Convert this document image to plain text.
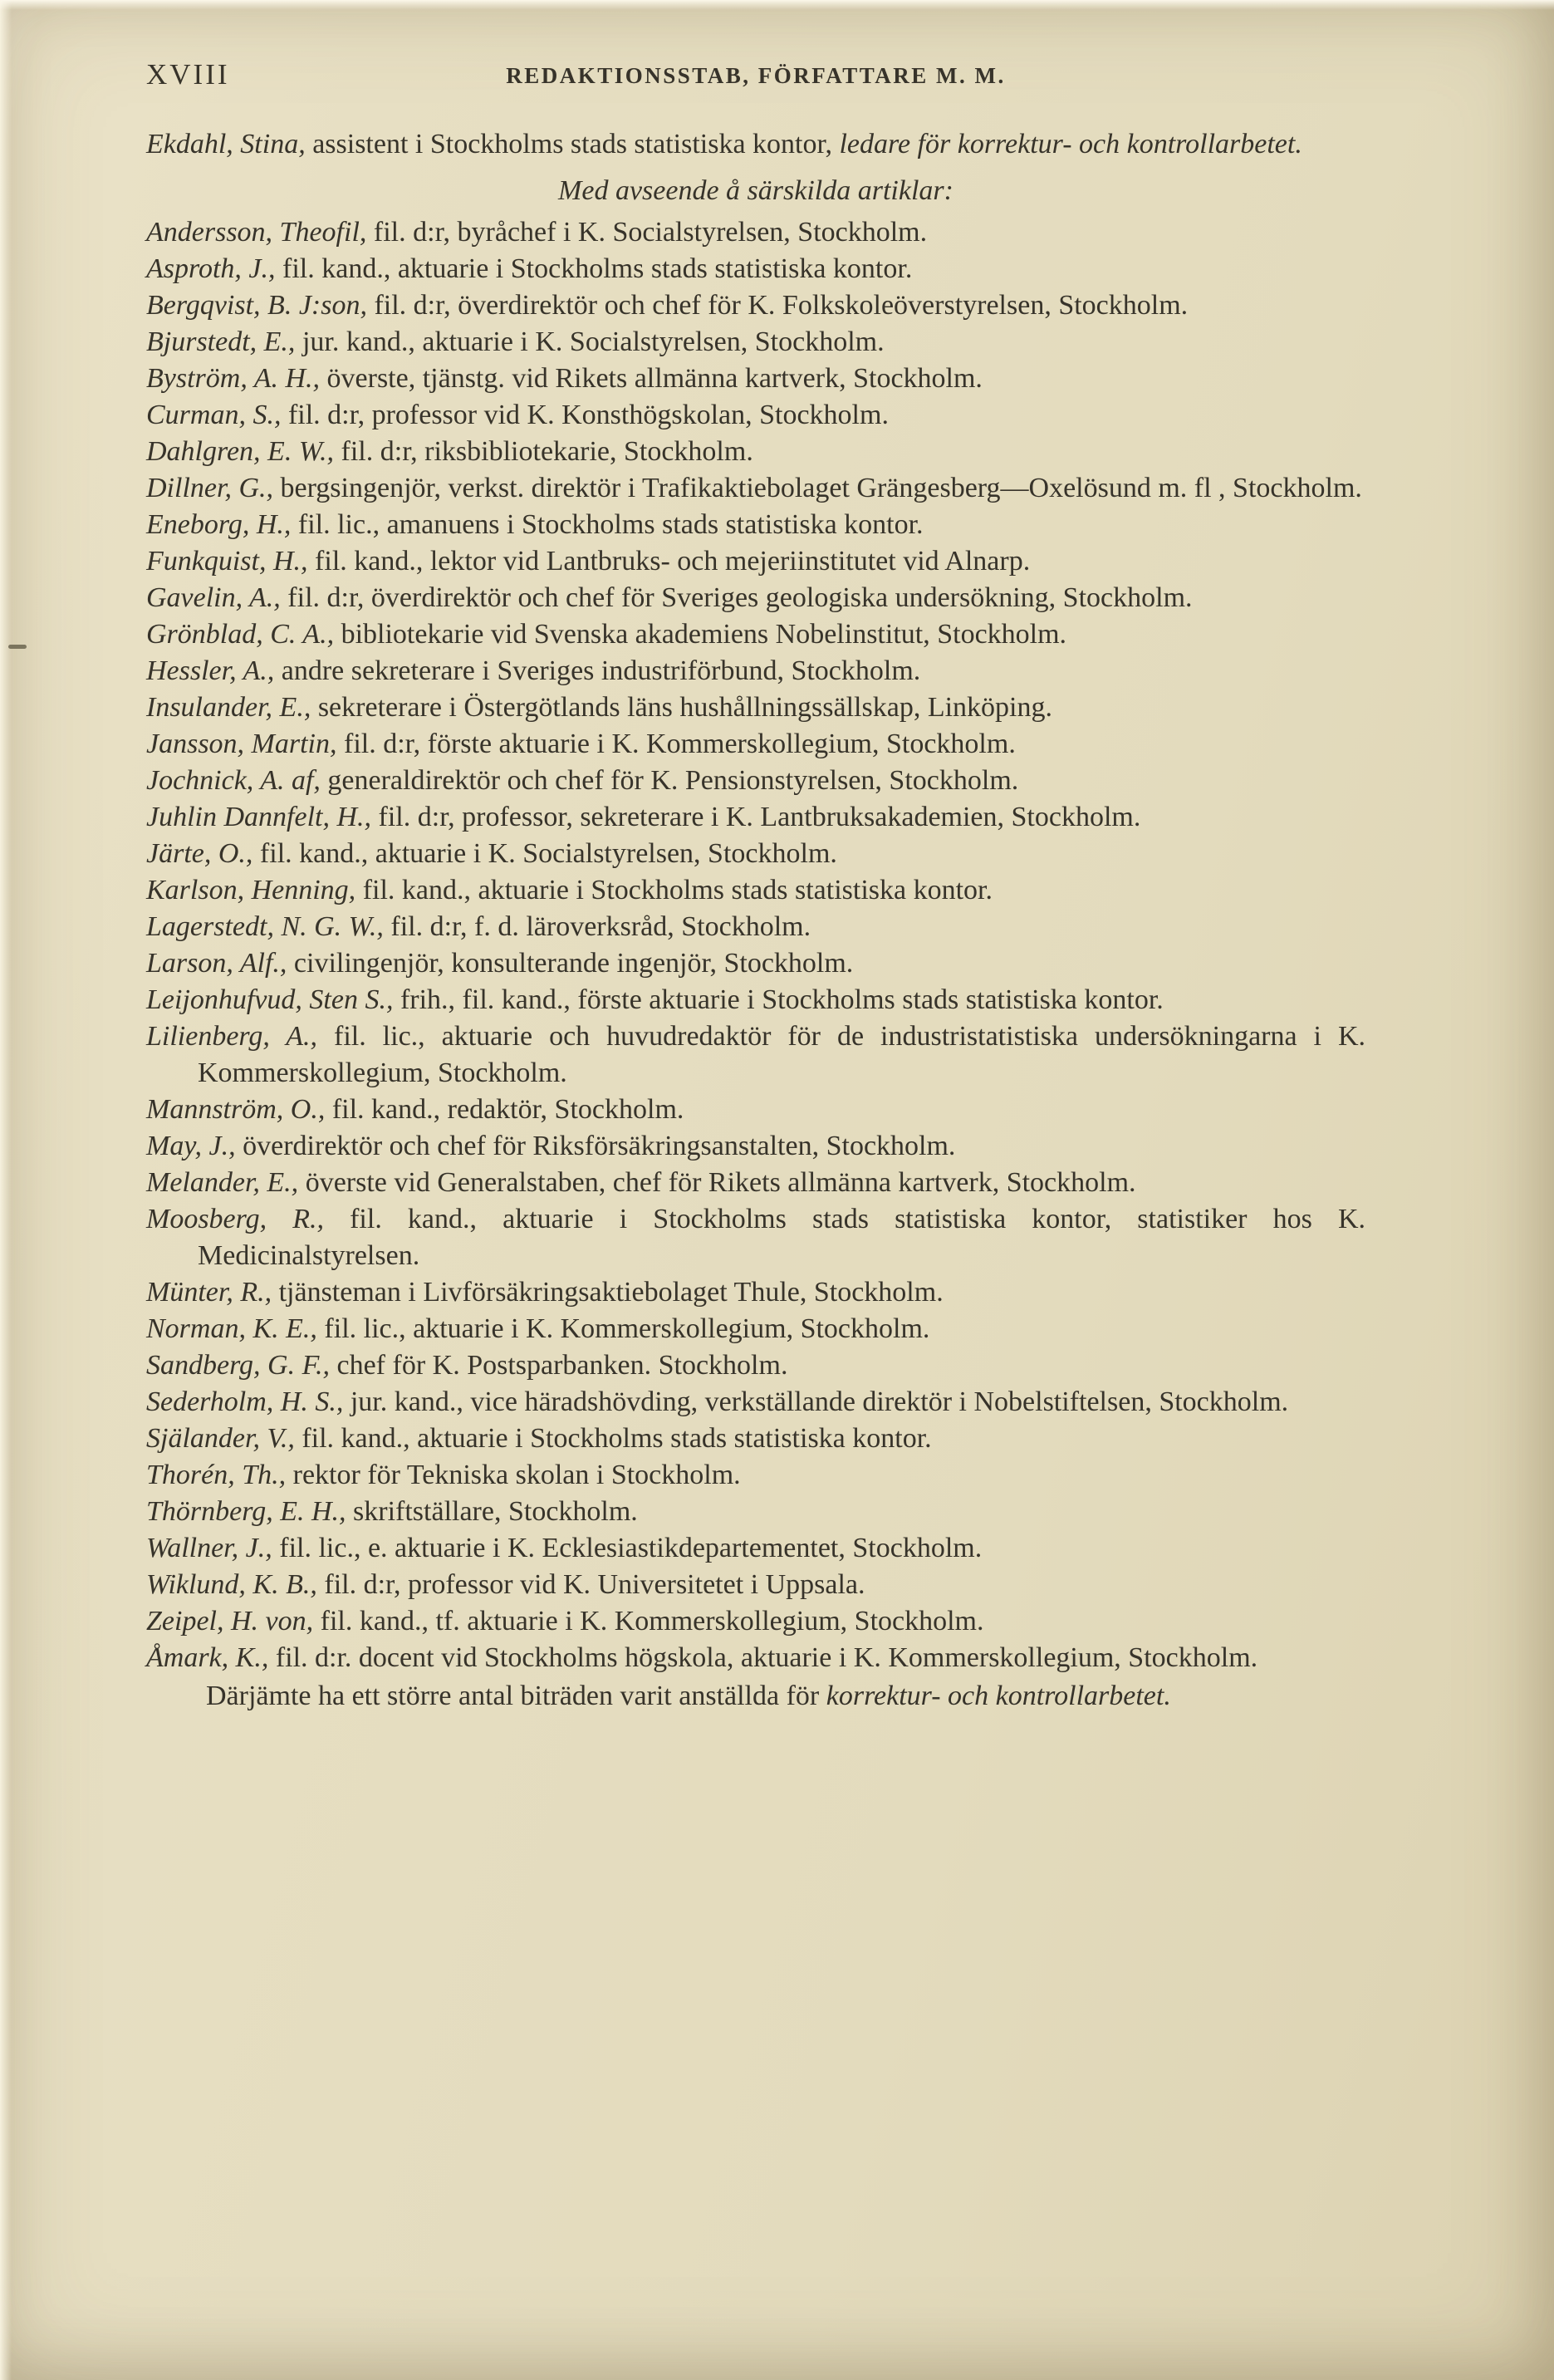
XVIII	REDAKTIONSSTAB, FÖRFATTARE M. M.

Ekdahl, Stina, assistent i Stockholms stads statistiska kontor, ledare för korrektur- och kontrollarbetet.

Med avseende å särskilda artiklar:

Andersson, Theofil, fil. d:r, byråchef i K. Socialstyrelsen, Stockholm.

Asproth, J., fil. kand., aktuarie i Stockholms stads statistiska kontor.

Bergqvist, B. J:son, fil. d:r, överdirektör och chef för K. Folkskoleöverstyrelsen, Stockholm.

Bjurstedt, E., jur. kand., aktuarie i K. Socialstyrelsen, Stockholm.

Byström, A. H., överste, tjänstg. vid Rikets allmänna kartverk, Stockholm.

Curman, S., fil. d:r, professor vid K. Konsthögskolan, Stockholm.

Dahlgren, E. W., fil. d:r, riksbibliotekarie, Stockholm.

Dillner, G., bergsingenjör, verkst. direktör i Trafikaktiebolaget Grängesberg—Oxelösund m. fl , Stockholm.

Eneborg, H., fil. lic., amanuens i Stockholms stads statistiska kontor.

Funkquist, H., fil. kand., lektor vid Lantbruks- och mejeriinstitutet vid Alnarp.

Gavelin, A., fil. d:r, överdirektör och chef för Sveriges geologiska undersökning, Stockholm.

Grönblad, C. A., bibliotekarie vid Svenska akademiens Nobelinstitut, Stockholm.

Hessler, A., andre sekreterare i Sveriges industriförbund, Stockholm.

Insulander, E., sekreterare i Östergötlands läns hushållningssällskap, Linköping.

Jansson, Martin, fil. d:r, förste aktuarie i K. Kommerskollegium, Stockholm.

Jochnick, A. af, generaldirektör och chef för K. Pensionstyrelsen, Stockholm.

Juhlin Dannfelt, H., fil. d:r, professor, sekreterare i K. Lantbruksakademien, Stockholm.

Järte, O., fil. kand., aktuarie i K. Socialstyrelsen, Stockholm.

Karlson, Henning, fil. kand., aktuarie i Stockholms stads statistiska kontor.

Lagerstedt, N. G. W., fil. d:r, f. d. läroverksråd, Stockholm.

Larson, Alf., civilingenjör, konsulterande ingenjör, Stockholm.

Leijonhufvud, Sten S., frih., fil. kand., förste aktuarie i Stockholms stads statistiska kontor.

Lilienberg, A., fil. lic., aktuarie och huvudredaktör för de industristatistiska undersökningarna i K. Kommerskollegium, Stockholm.

Mannström, O., fil. kand., redaktör, Stockholm.

May, J., överdirektör och chef för Riksförsäkringsanstalten, Stockholm.

Melander, E., överste vid Generalstaben, chef för Rikets allmänna kartverk, Stockholm.

Moosberg, R., fil. kand., aktuarie i Stockholms stads statistiska kontor, statistiker hos K. Medicinalstyrelsen.

Münter, R., tjänsteman i Livförsäkringsaktiebolaget Thule, Stockholm.

Norman, K. E., fil. lic., aktuarie i K. Kommerskollegium, Stockholm.

Sandberg, G. F., chef för K. Postsparbanken. Stockholm.

Sederholm, H. S., jur. kand., vice häradshövding, verkställande direktör i Nobelstiftelsen, Stockholm.

Själander, V., fil. kand., aktuarie i Stockholms stads statistiska kontor.

Thorén, Th., rektor för Tekniska skolan i Stockholm.

Thörnberg, E. H., skriftställare, Stockholm.

Wallner, J., fil. lic., e. aktuarie i K. Ecklesiastikdepartementet, Stockholm.

Wiklund, K. B., fil. d:r, professor vid K. Universitetet i Uppsala.

Zeipel, H. von, fil. kand., tf. aktuarie i K. Kommerskollegium, Stockholm.

Åmark, K., fil. d:r. docent vid Stockholms högskola, aktuarie i K. Kommerskollegium, Stockholm.

Därjämte ha ett större antal biträden varit anställda för korrektur- och kontrollarbetet.
